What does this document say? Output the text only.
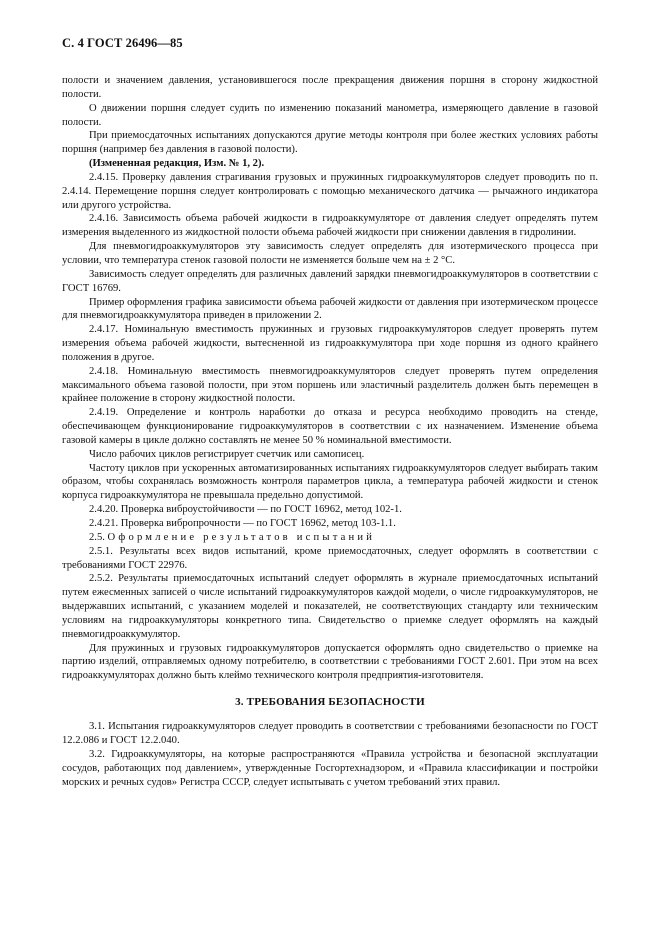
С. 4 ГОСТ 26496—85

полости и значением давления, установившегося после прекращения движения поршня в сторону жидкостной полости.

О движении поршня следует судить по изменению показаний манометра, измеряющего давление в газовой полости.

При приемосдаточных испытаниях допускаются другие методы контроля при более жестких условиях работы поршня (например без давления в газовой полости).

(Измененная редакция, Изм. № 1, 2).

2.4.15. Проверку давления страгивания грузовых и пружинных гидроаккумуляторов следует проводить по п. 2.4.14. Перемещение поршня следует контролировать с помощью механического датчика — рычажного индикатора или другого устройства.

2.4.16. Зависимость объема рабочей жидкости в гидроаккумуляторе от давления следует определять путем измерения выделенного из жидкостной полости объема рабочей жидкости при снижении давления в гидролинии.

Для пневмогидроаккумуляторов эту зависимость следует определять для изотермического процесса при условии, что температура стенок газовой полости не изменяется больше чем на ± 2 °С.

Зависимость следует определять для различных давлений зарядки пневмогидроаккумуляторов в соответствии с ГОСТ 16769.

Пример оформления графика зависимости объема рабочей жидкости от давления при изотермическом процессе для пневмогидроаккумулятора приведен в приложении 2.

2.4.17. Номинальную вместимость пружинных и грузовых гидроаккумуляторов следует проверять путем измерения объема рабочей жидкости, вытесненной из гидроаккумулятора при ходе поршня из одного крайнего положения в другое.

2.4.18. Номинальную вместимость пневмогидроаккумуляторов следует проверять путем определения максимального объема газовой полости, при этом поршень или эластичный разделитель должен быть перемещен в крайнее положение в сторону жидкостной полости.

2.4.19. Определение и контроль наработки до отказа и ресурса необходимо проводить на стенде, обеспечивающем функционирование гидроаккумуляторов в соответствии с их назначением. Изменение объема газовой камеры в цикле должно составлять не менее 50 % номинальной вместимости.

Число рабочих циклов регистрирует счетчик или самописец.

Частоту циклов при ускоренных автоматизированных испытаниях гидроаккумуляторов следует выбирать таким образом, чтобы сохранялась возможность контроля параметров цикла, а температура рабочей жидкости и стенок корпуса гидроаккумулятора не превышала предельно допустимой.

2.4.20. Проверка виброустойчивости — по ГОСТ 16962, метод 102-1.

2.4.21. Проверка вибропрочности — по ГОСТ 16962, метод 103-1.1.

2.5. Оформление результатов испытаний

2.5.1. Результаты всех видов испытаний, кроме приемосдаточных, следует оформлять в соответствии с требованиями ГОСТ 22976.

2.5.2. Результаты приемосдаточных испытаний следует оформлять в журнале приемосдаточных испытаний путем ежесменных записей о числе испытаний гидроаккумуляторов каждой модели, о числе гидроаккумуляторов, не выдержавших испытаний, с указанием моделей и показателей, не соответствующих стандарту или техническим условиям на гидроаккумуляторы конкретного типа. Свидетельство о приемке следует оформлять на каждый пневмогидроаккумулятор.

Для пружинных и грузовых гидроаккумуляторов допускается оформлять одно свидетельство о приемке на партию изделий, отправляемых одному потребителю, в соответствии с требованиями ГОСТ 2.601. При этом на всех гидроаккумуляторах должно быть клеймо технического контроля предприятия-изготовителя.

3. ТРЕБОВАНИЯ БЕЗОПАСНОСТИ

3.1. Испытания гидроаккумуляторов следует проводить в соответствии с требованиями безопасности по ГОСТ 12.2.086 и ГОСТ 12.2.040.

3.2. Гидроаккумуляторы, на которые распространяются «Правила устройства и безопасной эксплуатации сосудов, работающих под давлением», утвержденные Госгортехнадзором, и «Правила классификации и постройки морских и речных судов» Регистра СССР, следует испытывать с учетом требований этих правил.
